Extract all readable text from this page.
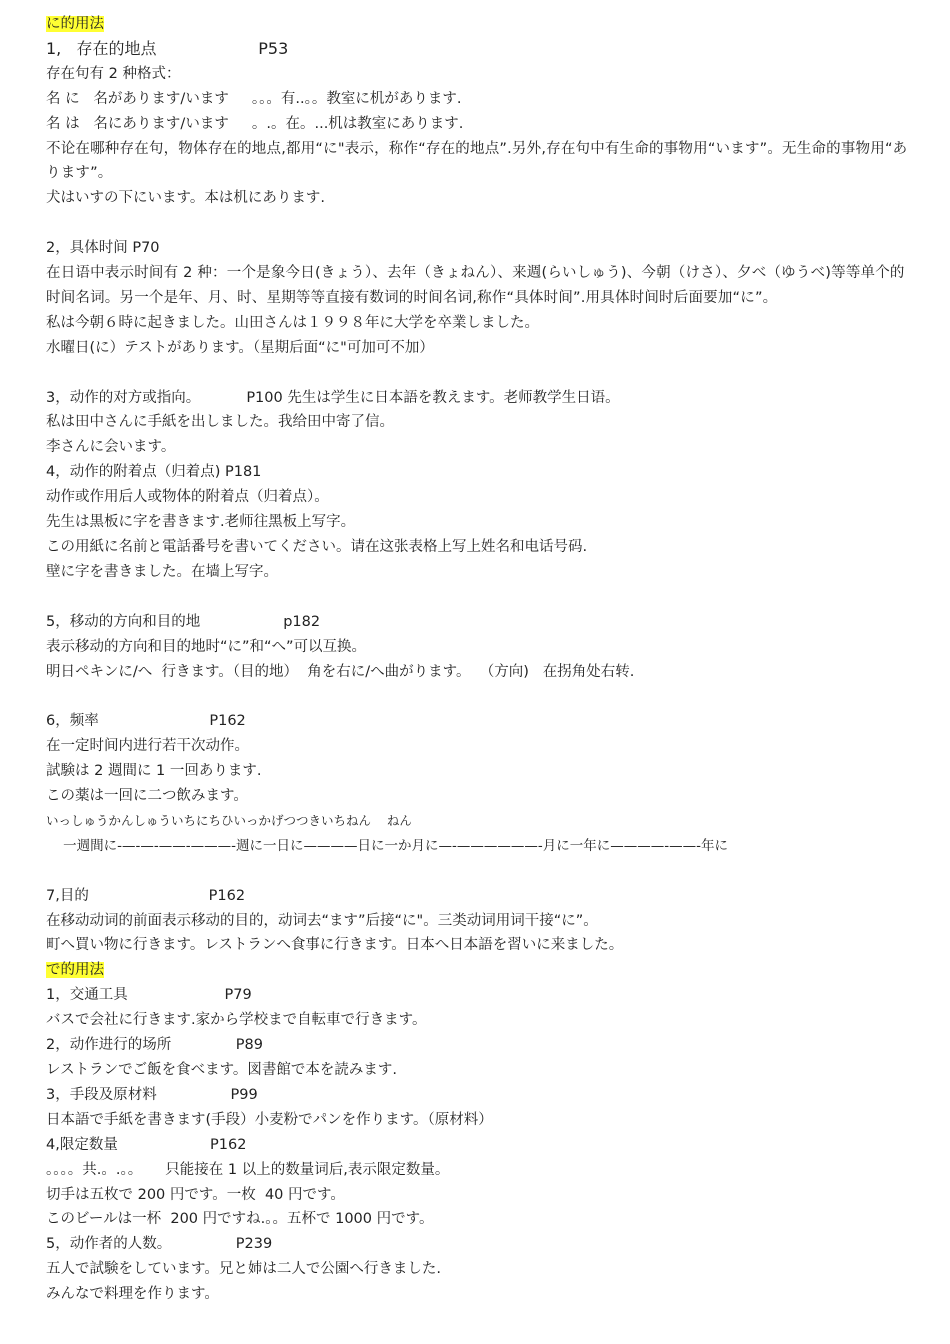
に的用法
1,   存在的地点                    P53
存在句有 2 种格式：
名 に   名があります/います     。。。有..。。教室に机があります.
名 は   名にあります/います     。.。在。...机は教室にあります.
不论在哪种存在句，物体存在的地点,都用“に"表示，称作“存在的地点”.另外,存在句中有生命的事物用“います”。无生命的事物用“あります”。
犬はいすの下にいます。本は机にあります.
2，具体时间 P70
在日语中表示时间有 2 种：一个是象今日(きょう）、去年（きょねん）、来週(らいしゅう)、今朝（けさ）、夕べ（ゆうべ)等等单个的时间名词。另一个是年、月、时、星期等等直接有数词的时间名词,称作“具体时间”.用具体时间时后面要加“に”。
私は今朝６時に起きました。山田さんは１９９８年に大学を卒業しました。
水曜日(に）テストがあります。（星期后面“に"可加可不加）
3，动作的对方或指向。          P100 先生は学生に日本語を教えます。老师教学生日语。
私は田中さんに手紙を出しました。我给田中寄了信。
李さんに会います。
4，动作的附着点（归着点) P181
动作或作用后人或物体的附着点（归着点）。
先生は黒板に字を書きます.老师往黑板上写字。
この用紙に名前と電話番号を書いてください。请在这张表格上写上姓名和电话号码.
壁に字を書きました。在墙上写字。
5，移动的方向和目的地                  p182
表示移动的方向和目的地时“に”和“へ”可以互换。
明日ペキンに/へ  行きます。（目的地）  角を右に/へ曲がります。  （方向)   在拐角处右转.
6，频率                        P162
在一定时间内进行若干次动作。
試験は 2 週間に 1 一回あります.
この薬は一回に二つ飲みます。
いっしゅうかんしゅういちにちひいっかげつつきいちねん    ねん
一週間に-—-—-——-———-週に一日に————日に一か月に—-——————-月に一年に————-——-年に
7,目的                          P162
在移动动词的前面表示移动的目的，动词去“ます”后接“に"。三类动词用词干接“に”。
町へ買い物に行きます。レストランへ食事に行きます。日本へ日本語を習いに来ました。
で的用法
1，交通工具                     P79
バスで会社に行きます.家から学校まで自転車で行きます。
2，动作进行的场所              P89
レストランでご飯を食べます。図書館で本を読みます.
3，手段及原材料                P99
日本語で手紙を書きます(手段）小麦粉でパンを作ります。（原材料）
4,限定数量                    P162
。。。。共.。.。。     只能接在 1 以上的数量词后,表示限定数量。
切手は五枚で 200 円です。一枚  40 円です。
このビールは一杯  200 円ですね.。。五杯で 1000 円です。
5，动作者的人数。              P239
五人で試験をしています。兄と姉は二人で公園へ行きました.
みんなで料理を作ります。
